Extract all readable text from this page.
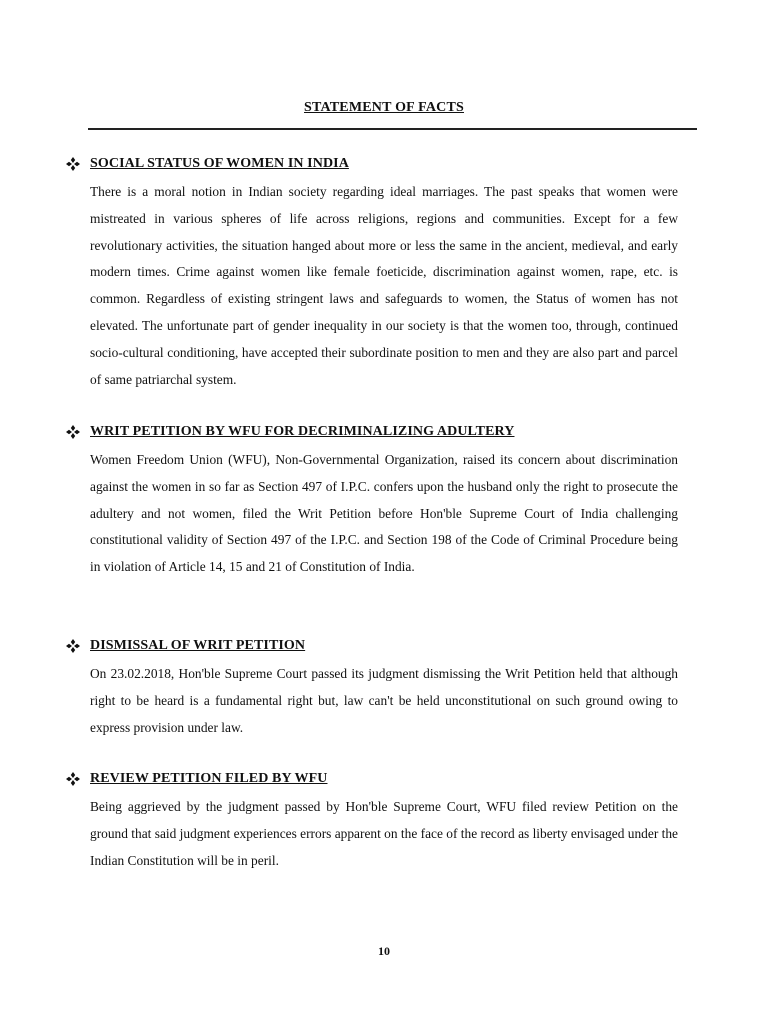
STATEMENT OF FACTS
SOCIAL STATUS OF WOMEN IN INDIA
There is a moral notion in Indian society regarding ideal marriages. The past speaks that women were mistreated in various spheres of life across religions, regions and communities. Except for a few revolutionary activities, the situation hanged about more or less the same in the ancient, medieval, and early modern times. Crime against women like female foeticide, discrimination against women, rape, etc. is common. Regardless of existing stringent laws and safeguards to women, the Status of women has not elevated. The unfortunate part of gender inequality in our society is that the women too, through, continued socio-cultural conditioning, have accepted their subordinate position to men and they are also part and parcel of same patriarchal system.
WRIT PETITION BY WFU FOR DECRIMINALIZING ADULTERY
Women Freedom Union (WFU), Non-Governmental Organization, raised its concern about discrimination against the women in so far as Section 497 of I.P.C. confers upon the husband only the right to prosecute the adultery and not women, filed the Writ Petition before Hon'ble Supreme Court of India challenging constitutional validity of Section 497 of the I.P.C. and Section 198 of the Code of Criminal Procedure being in violation of Article 14, 15 and 21 of Constitution of India.
DISMISSAL OF WRIT PETITION
On 23.02.2018, Hon'ble Supreme Court passed its judgment dismissing the Writ Petition held that although right to be heard is a fundamental right but, law can't be held unconstitutional on such ground owing to express provision under law.
REVIEW PETITION FILED BY WFU
Being aggrieved by the judgment passed by Hon'ble Supreme Court, WFU filed review Petition on the ground that said judgment experiences errors apparent on the face of the record as liberty envisaged under the Indian Constitution will be in peril.
10
